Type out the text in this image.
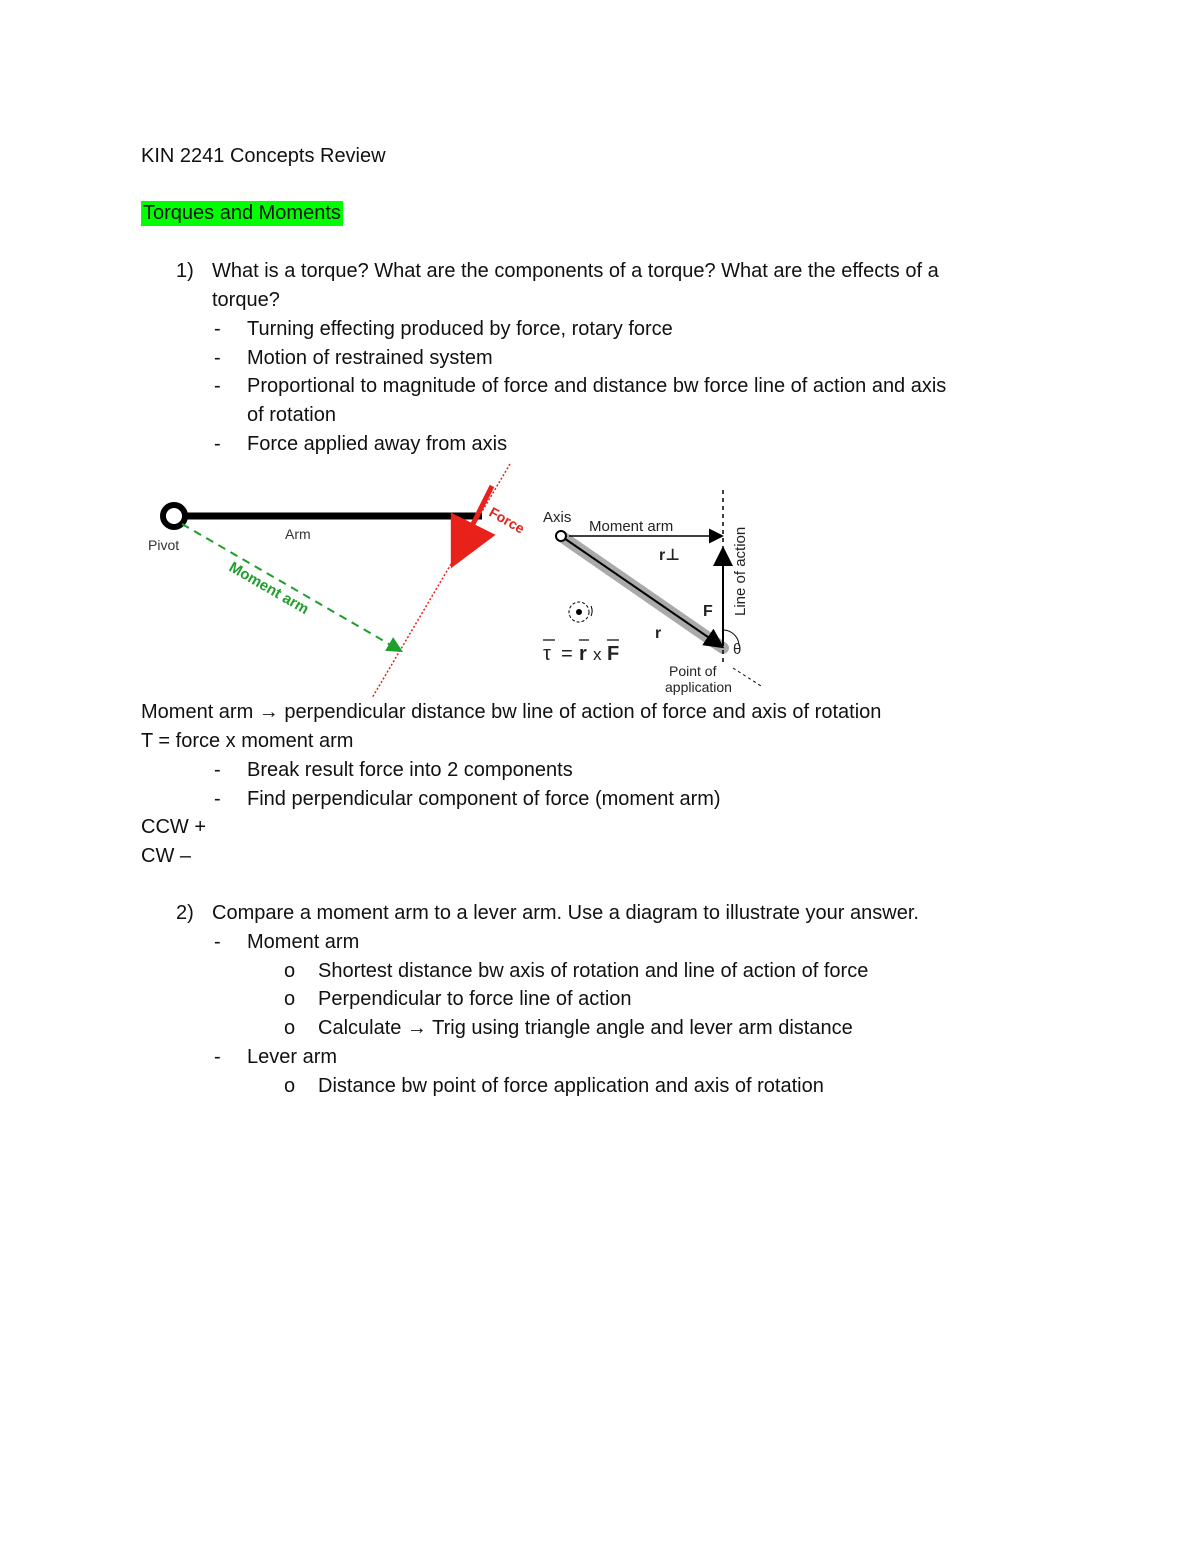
KIN 2241 Concepts Review
Torques and Moments
1) What is a torque? What are the components of a torque? What are the effects of a
torque?
- Turning effecting produced by force, rotary force
- Motion of restrained system
- Proportional to magnitude of force and distance bw force line of action and axis
of rotation
- Force applied away from axis
Pivot
Arm	Force
Moment arm
Axis
Moment arm
r⊥
r
F Line of action
θ
Point of
application
τ = r x F
Moment arm → perpendicular distance bw line of action of force and axis of rotation
T = force x moment arm
- Break result force into 2 components
- Find perpendicular component of force (moment arm)
CCW +
CW –
2) Compare a moment arm to a lever arm. Use a diagram to illustrate your answer.
- Moment arm
o Shortest distance bw axis of rotation and line of action of force
o Perpendicular to force line of action
o Calculate → Trig using triangle angle and lever arm distance
- Lever arm
o Distance bw point of force application and axis of rotation
